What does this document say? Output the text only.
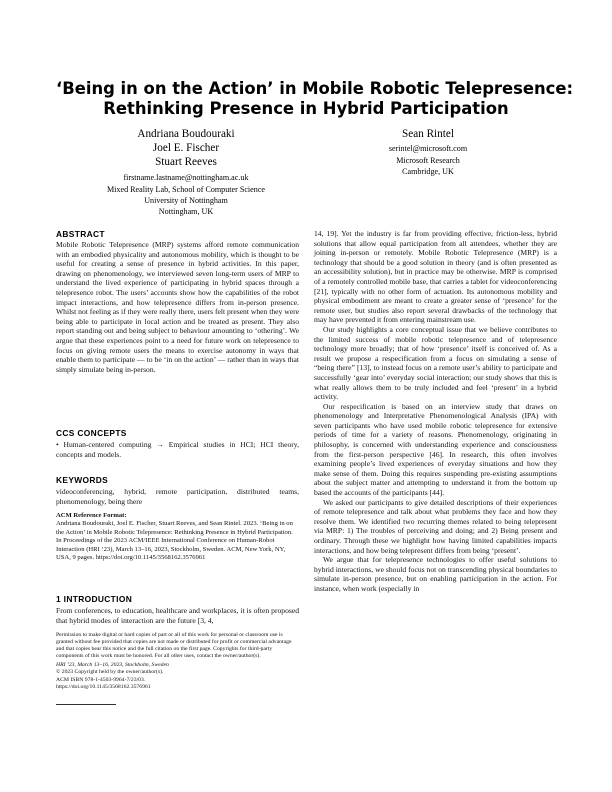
‘Being in on the Action’ in Mobile Robotic Telepresence:
Rethinking Presence in Hybrid Participation
Andriana Boudouraki
Joel E. Fischer
Stuart Reeves
firstname.lastname@nottingham.ac.uk
Mixed Reality Lab, School of Computer Science
University of Nottingham
Nottingham, UK
Sean Rintel
serintel@microsoft.com
Microsoft Research
Cambridge, UK
ABSTRACT

Mobile Robotic Telepresence (MRP) systems afford remote communication with an embodied physicality and autonomous mobility, which is thought to be useful for creating a sense of presence in hybrid activities. In this paper, drawing on phenomenology, we interviewed seven long-term users of MRP to understand the lived experience of participating in hybrid spaces through a telepresence robot. The users’ accounts show how the capabilities of the robot impact interactions, and how telepresence differs from in-person presence. Whilst not feeling as if they were really there, users felt present when they were being able to participate in local action and be treated as present. They also report standing out and being subject to behaviour amounting to ‘othering’. We argue that these experiences point to a need for future work on telepresence to focus on giving remote users the means to exercise autonomy in ways that enable them to participate — to be ‘in on the action’ — rather than in ways that simply simulate being in-person.

CCS CONCEPTS

• Human-centered computing → Empirical studies in HCI; HCI theory, concepts and models.

KEYWORDS

videoconferencing, hybrid, remote participation, distributed teams, phenomenology, being there

ACM Reference Format:
Andriana Boudouraki, Joel E. Fischer, Stuart Reeves, and Sean Rintel. 2023. ‘Being in on the Action’ in Mobile Robotic Telepresence: Rethinking Presence in Hybrid Participation. In Proceedings of the 2023 ACM/IEEE International Conference on Human-Robot Interaction (HRI ’23), March 13–16, 2023, Stockholm, Sweden. ACM, New York, NY, USA, 9 pages. https://doi.org/10.1145/3568162.3576961
1 INTRODUCTION

From conferences, to education, healthcare and workplaces, it is often proposed that hybrid modes of interaction are the future [3, 4,

Permission to make digital or hard copies of part or all of this work for personal or classroom use is granted without fee provided that copies are not made or distributed for profit or commercial advantage and that copies bear this notice and the full citation on the first page. Copyrights for third-party components of this work must be honored. For all other uses, contact the owner/author(s).
HRI ’23, March 13–16, 2023, Stockholm, Sweden
© 2023 Copyright held by the owner/author(s).
ACM ISBN 978-1-4503-9964-7/23/03.
https://doi.org/10.1145/3568162.3576961

14, 19]. Yet the industry is far from providing effective, friction-less, hybrid solutions that allow equal participation from all attendees, whether they are joining in-person or remotely. Mobile Robotic Telepresence (MRP) is a technology that should be a good solution in theory (and is often presented as an accessibility solution), but in practice may be otherwise. MRP is comprised of a remotely controlled mobile base, that carries a tablet for videoconferencing [21], typically with no other form of actuation. Its autonomous mobility and physical embodiment are meant to create a greater sense of ‘presence’ for the remote user, but studies also report several drawbacks of the technology that may have prevented it from entering mainstream use.

Our study highlights a core conceptual issue that we believe contributes to the limited success of mobile robotic telepresence and of telepresence technology more broadly; that of how ‘presence’ itself is conceived of. As a result we propose a respecification from a focus on simulating a sense of “being there” [13], to instead focus on a remote user’s ability to participate and successfully ‘gear into’ everyday social interaction; our study shows that this is what really allows them to be truly included and feel ‘present’ in a hybrid activity.

Our respecification is based on an interview study that draws on phenomenology and Interpretative Phenomenological Analysis (IPA) with seven participants who have used mobile robotic telepresence for extensive periods of time for a variety of reasons. Phenomenology, originating in philosophy, is concerned with understanding experience and consciousness from the first-person perspective [46]. In research, this often involves examining people’s lived experiences of everyday situations and how they make sense of them. Doing this requires suspending pre-existing assumptions about the subject matter and attempting to understand it from the bottom up based the accounts of the participants [44].

We asked our participants to give detailed descriptions of their experiences of remote telepresence and talk about what problems they face and how they resolve them. We identified two recurring themes related to being telepresent via MRP: 1) The troubles of perceiving and doing; and 2) Being present and ordinary. Through these we highlight how having limited capabilities impacts interactions, and how being telepresent differs from being ‘present’.

We argue that for telepresence technologies to offer useful solutions to hybrid interactions, we should focus not on transcending physical boundaries to simulate in-person presence, but on enabling participation in the action. For instance, when work (especially in
